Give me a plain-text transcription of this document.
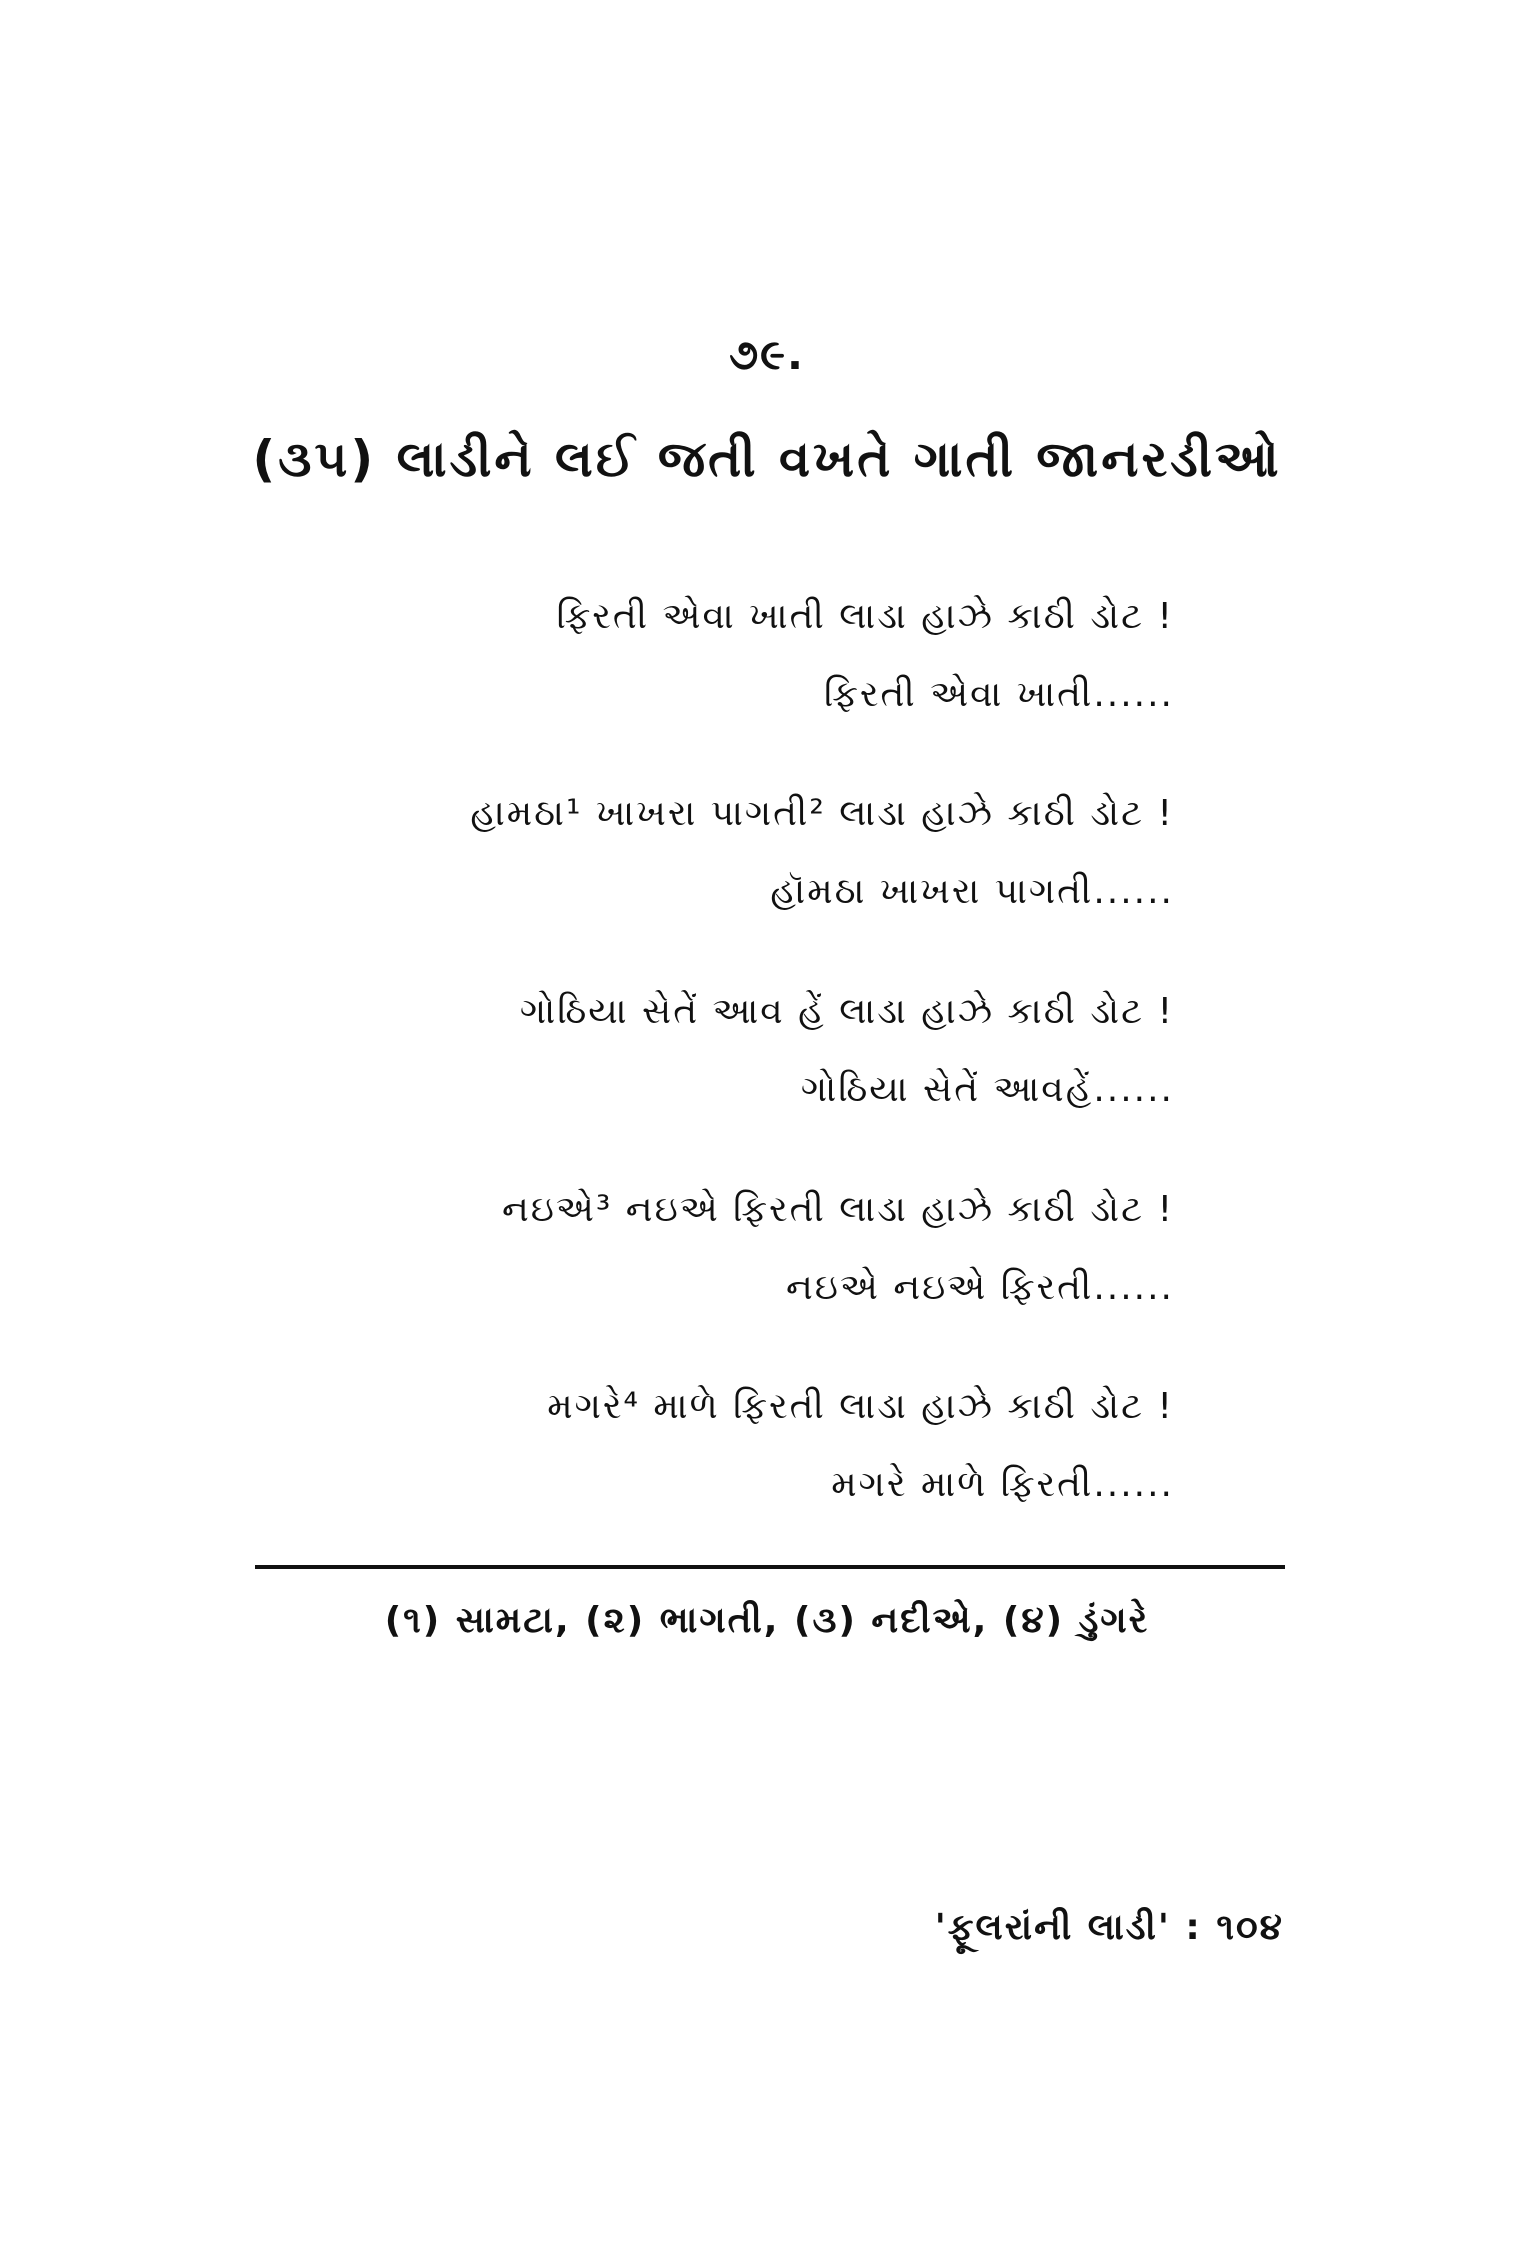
૭૯.
(૩૫) લાડીને લઈ જતી વખતે ગાતી જાનરડીઓ
ફિરતી એવા ખાતી લાડા હાઝે કાઠી ડોટ !
ફિરતી એવા ખાતી......
હામઠા¹ ખાખરા પાગતી² લાડા હાઝે કાઠી ડોટ !
હૉમઠા ખાખરા પાગતી......
ગોઠિયા સેતેં આવ હેં લાડા હાઝે કાઠી ડોટ !
ગોઠિયા સેતેં આવહેં......
નઇએ³ નઇએ ફિરતી લાડા હાઝે કાઠી ડોટ !
નઇએ નઇએ ફિરતી......
મગરે⁴ માળે ફિરતી લાડા હાઝે કાઠી ડોટ !
મગરે માળે ફિરતી......
(૧) સામટા, (૨) ભાગતી, (૩) નદીએ, (૪) ડુંગરે
'ફૂલરાંની લાડી' : ૧૦૪
